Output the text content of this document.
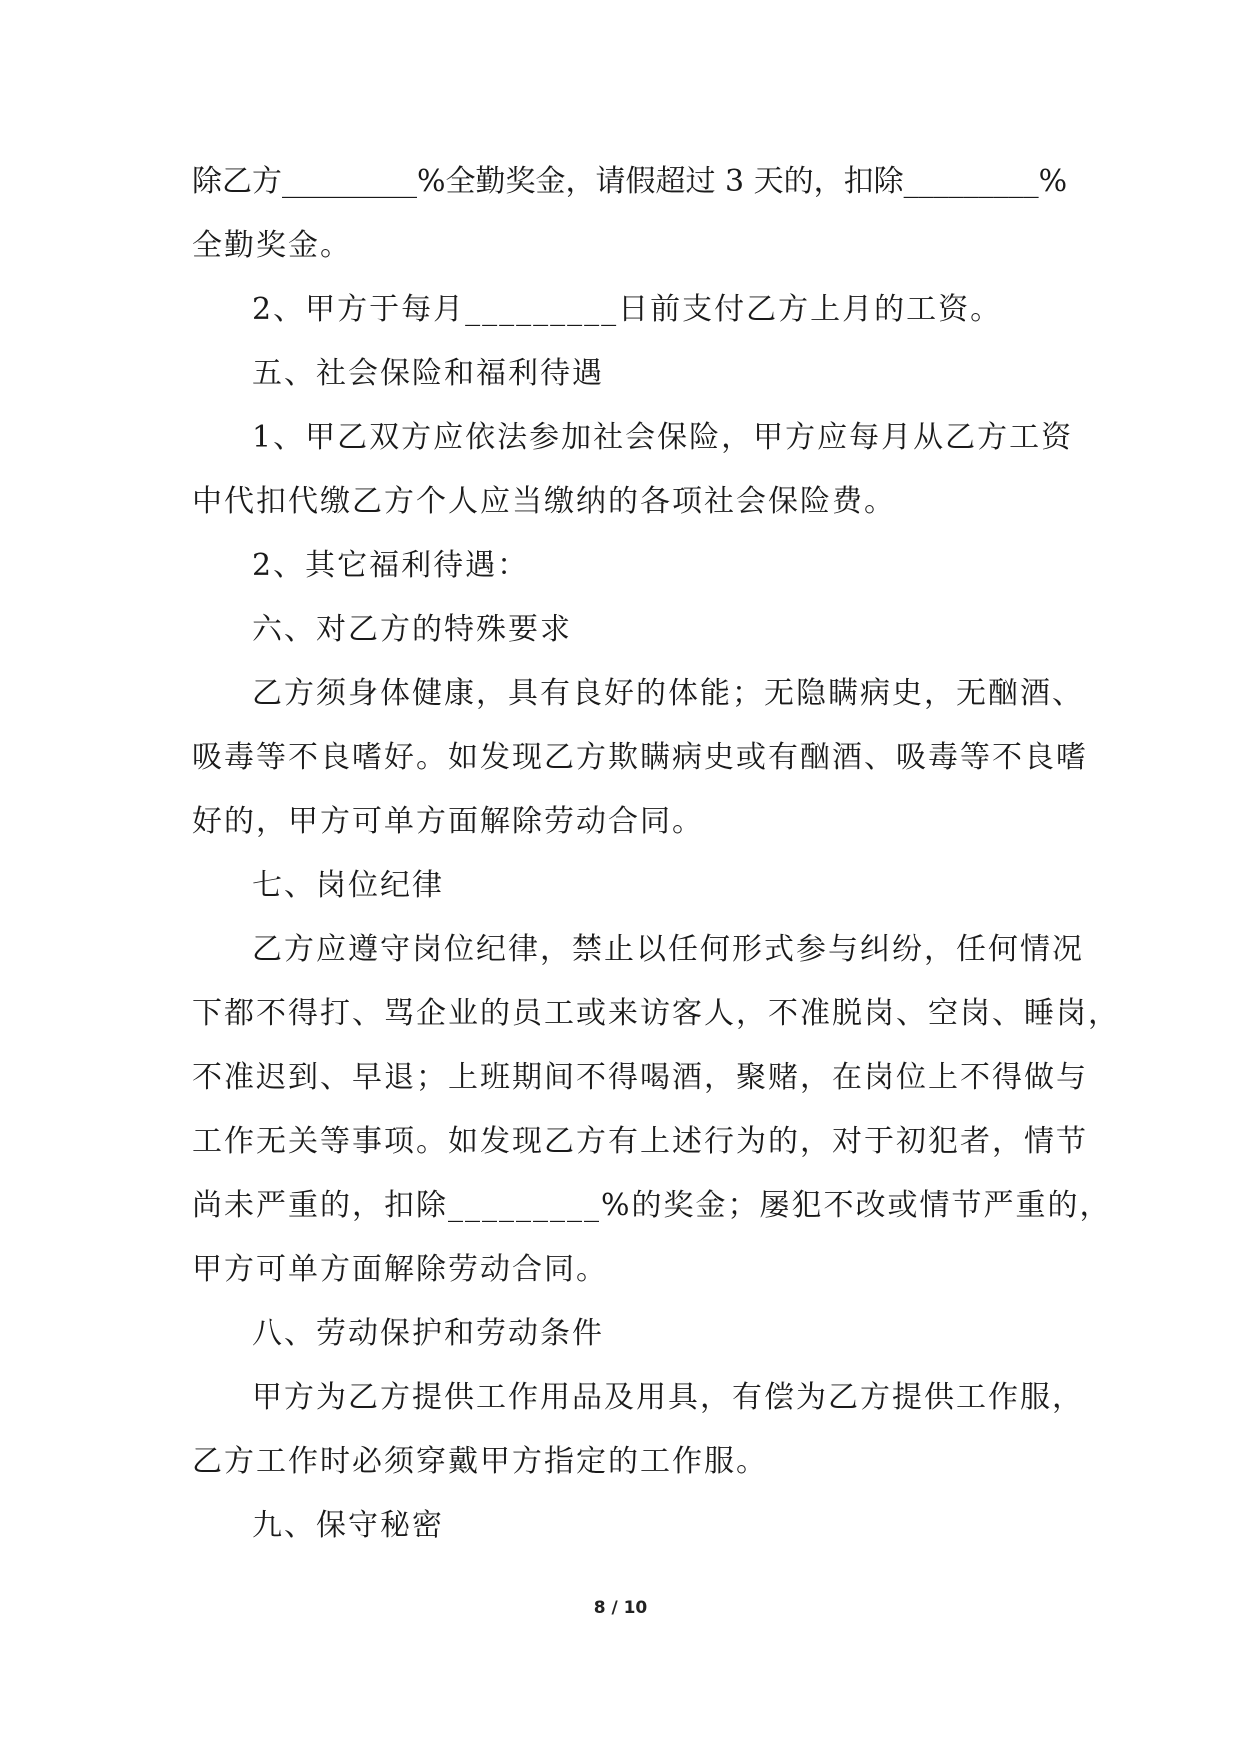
除乙方_________%全勤奖金，请假超过 3 天的，扣除_________%
全勤奖金。
2、甲方于每月_________日前支付乙方上月的工资。
五、社会保险和福利待遇
1、甲乙双方应依法参加社会保险，甲方应每月从乙方工资
中代扣代缴乙方个人应当缴纳的各项社会保险费。
2、其它福利待遇：
六、对乙方的特殊要求
乙方须身体健康，具有良好的体能；无隐瞒病史，无酗酒、
吸毒等不良嗜好。如发现乙方欺瞒病史或有酗酒、吸毒等不良嗜
好的，甲方可单方面解除劳动合同。
七、岗位纪律
乙方应遵守岗位纪律，禁止以任何形式参与纠纷，任何情况
下都不得打、骂企业的员工或来访客人，不准脱岗、空岗、睡岗，
不准迟到、早退；上班期间不得喝酒，聚赌，在岗位上不得做与
工作无关等事项。如发现乙方有上述行为的，对于初犯者，情节
尚未严重的，扣除_________%的奖金；屡犯不改或情节严重的，
甲方可单方面解除劳动合同。
八、劳动保护和劳动条件
甲方为乙方提供工作用品及用具，有偿为乙方提供工作服，
乙方工作时必须穿戴甲方指定的工作服。
九、保守秘密
8 / 10
